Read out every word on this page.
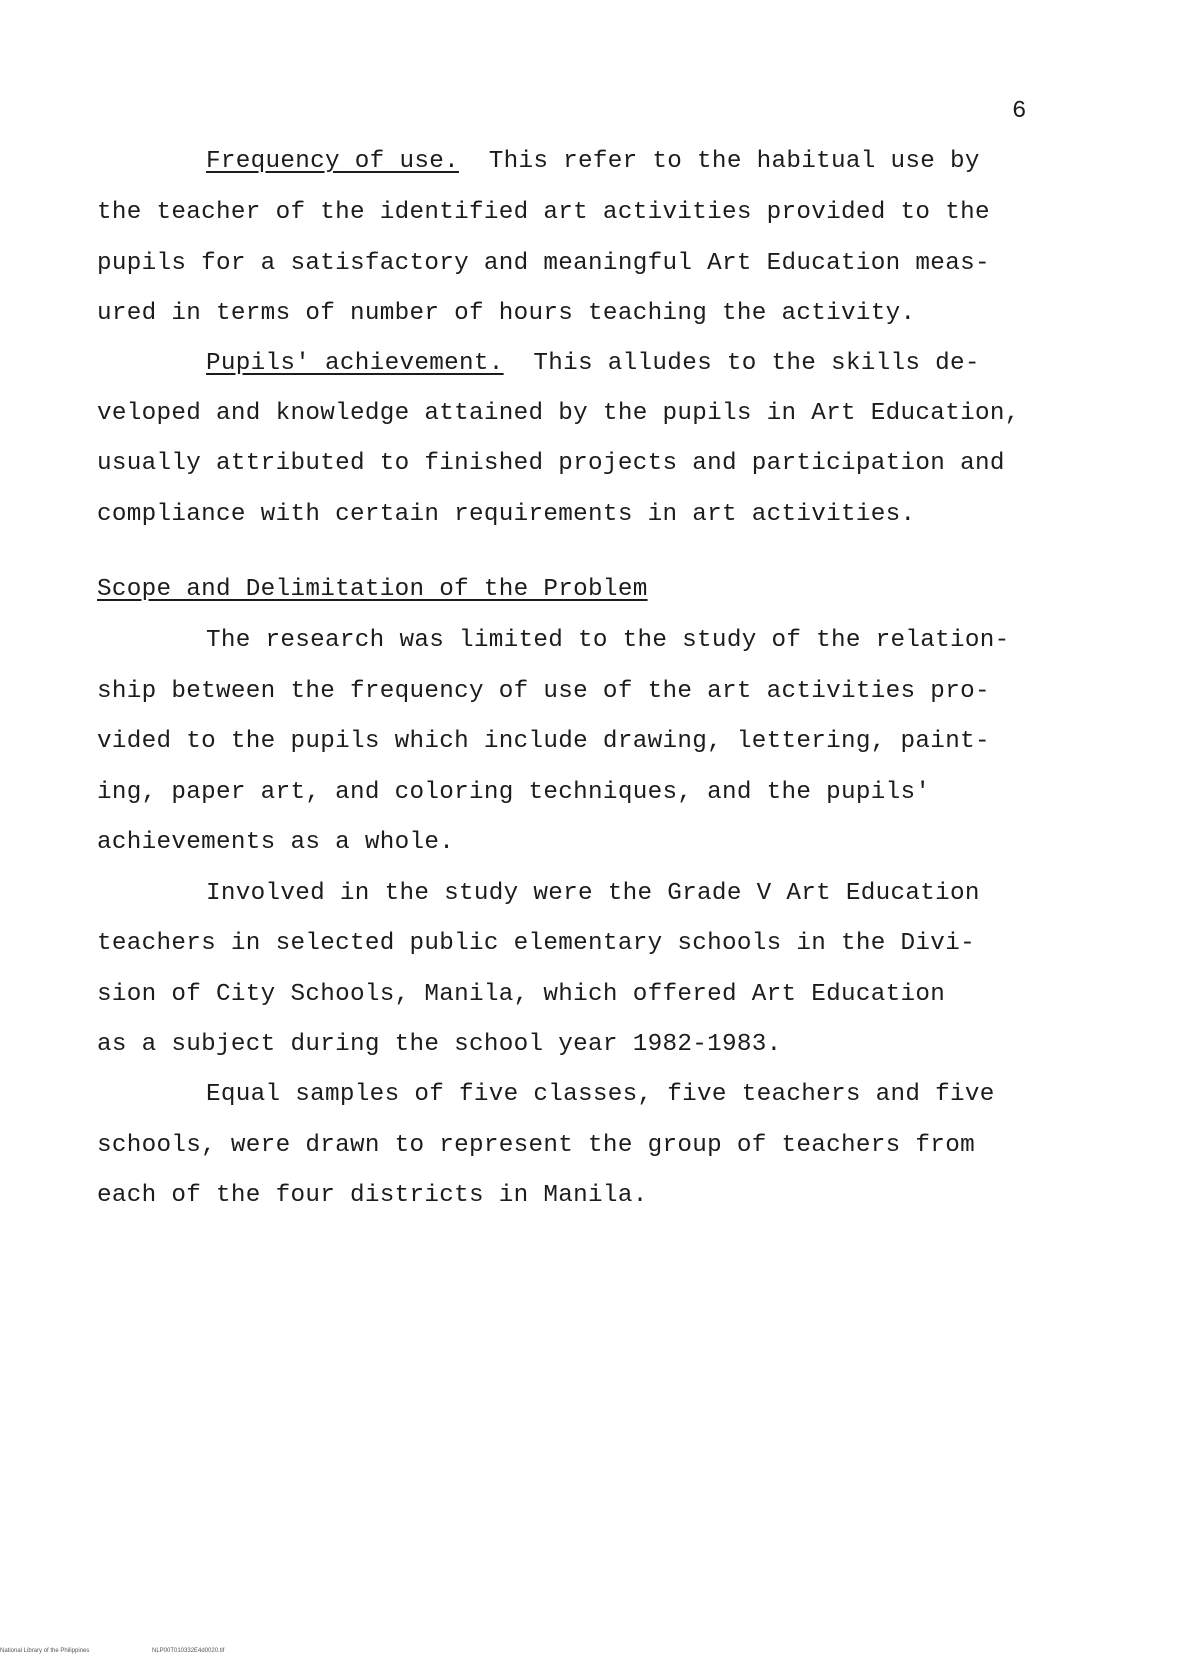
6
Frequency of use.  This refer to the habitual use by
the teacher of the identified art activities provided to the
pupils for a satisfactory and meaningful Art Education meas-
ured in terms of number of hours teaching the activity.
Pupils' achievement.  This alludes to the skills de-
veloped and knowledge attained by the pupils in Art Education,
usually attributed to finished projects and participation and
compliance with certain requirements in art activities.
Scope and Delimitation of the Problem
The research was limited to the study of the relation-
ship between the frequency of use of the art activities pro-
vided to the pupils which include drawing, lettering, paint-
ing, paper art, and coloring techniques, and the pupils'
achievements as a whole.
Involved in the study were the Grade V Art Education
teachers in selected public elementary schools in the Divi-
sion of City Schools, Manila, which offered Art Education
as a subject during the school year 1982-1983.
Equal samples of five classes, five teachers and five
schools, were drawn to represent the group of teachers from
each of the four districts in Manila.
National Library of the Philippines	NLP00T010332E4d0020.tif
